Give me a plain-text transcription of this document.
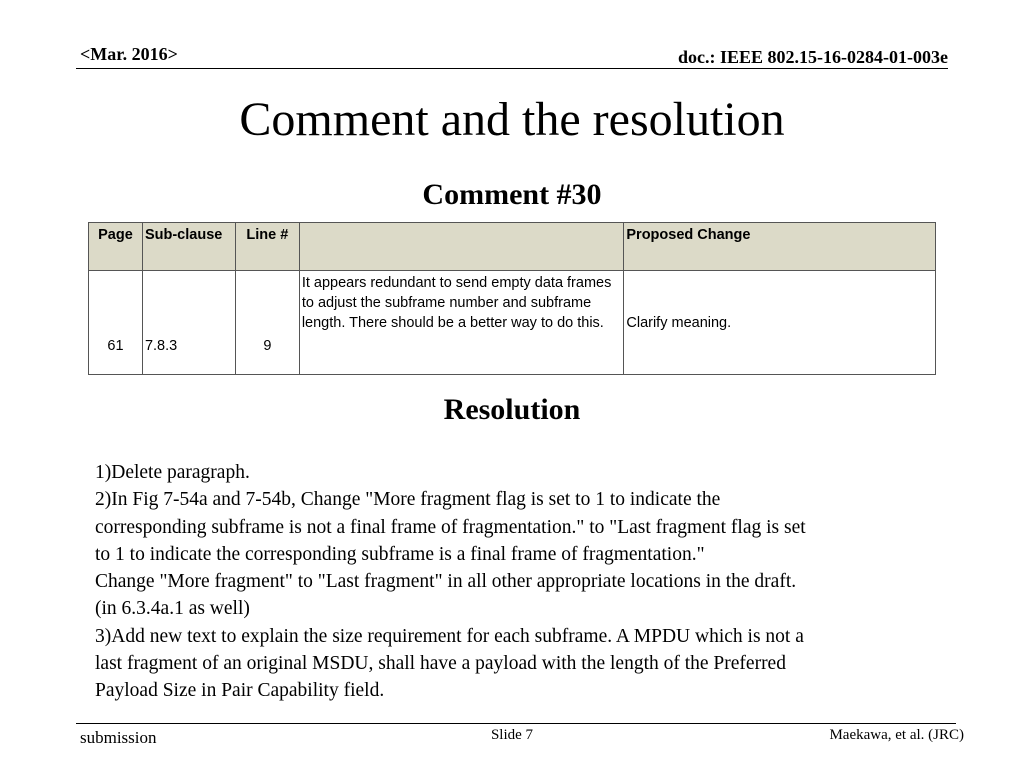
<Mar. 2016>	doc.: IEEE 802.15-16-0284-01-003e
Comment and the resolution
Comment #30
Page	Sub-clause	Line #		Proposed Change
61	7.8.3	9	It appears redundant to send empty data frames to adjust the subframe number and subframe length. There should be a better way to do this.	Clarify meaning.
Resolution
1)Delete paragraph.
2)In Fig 7-54a and 7-54b, Change "More fragment flag is set to 1 to indicate the
corresponding subframe is not a final frame of fragmentation." to "Last fragment flag is set
to 1 to indicate the corresponding subframe is a final frame of fragmentation."
Change "More fragment" to "Last fragment" in all other appropriate locations in the draft.
(in 6.3.4a.1 as well)
3)Add new text to explain the size requirement for each subframe. A MPDU which is not a
last fragment of an original MSDU, shall have a payload with the length of the Preferred
Payload Size in Pair Capability field.
submission	Slide 7	Maekawa, et al. (JRC)
